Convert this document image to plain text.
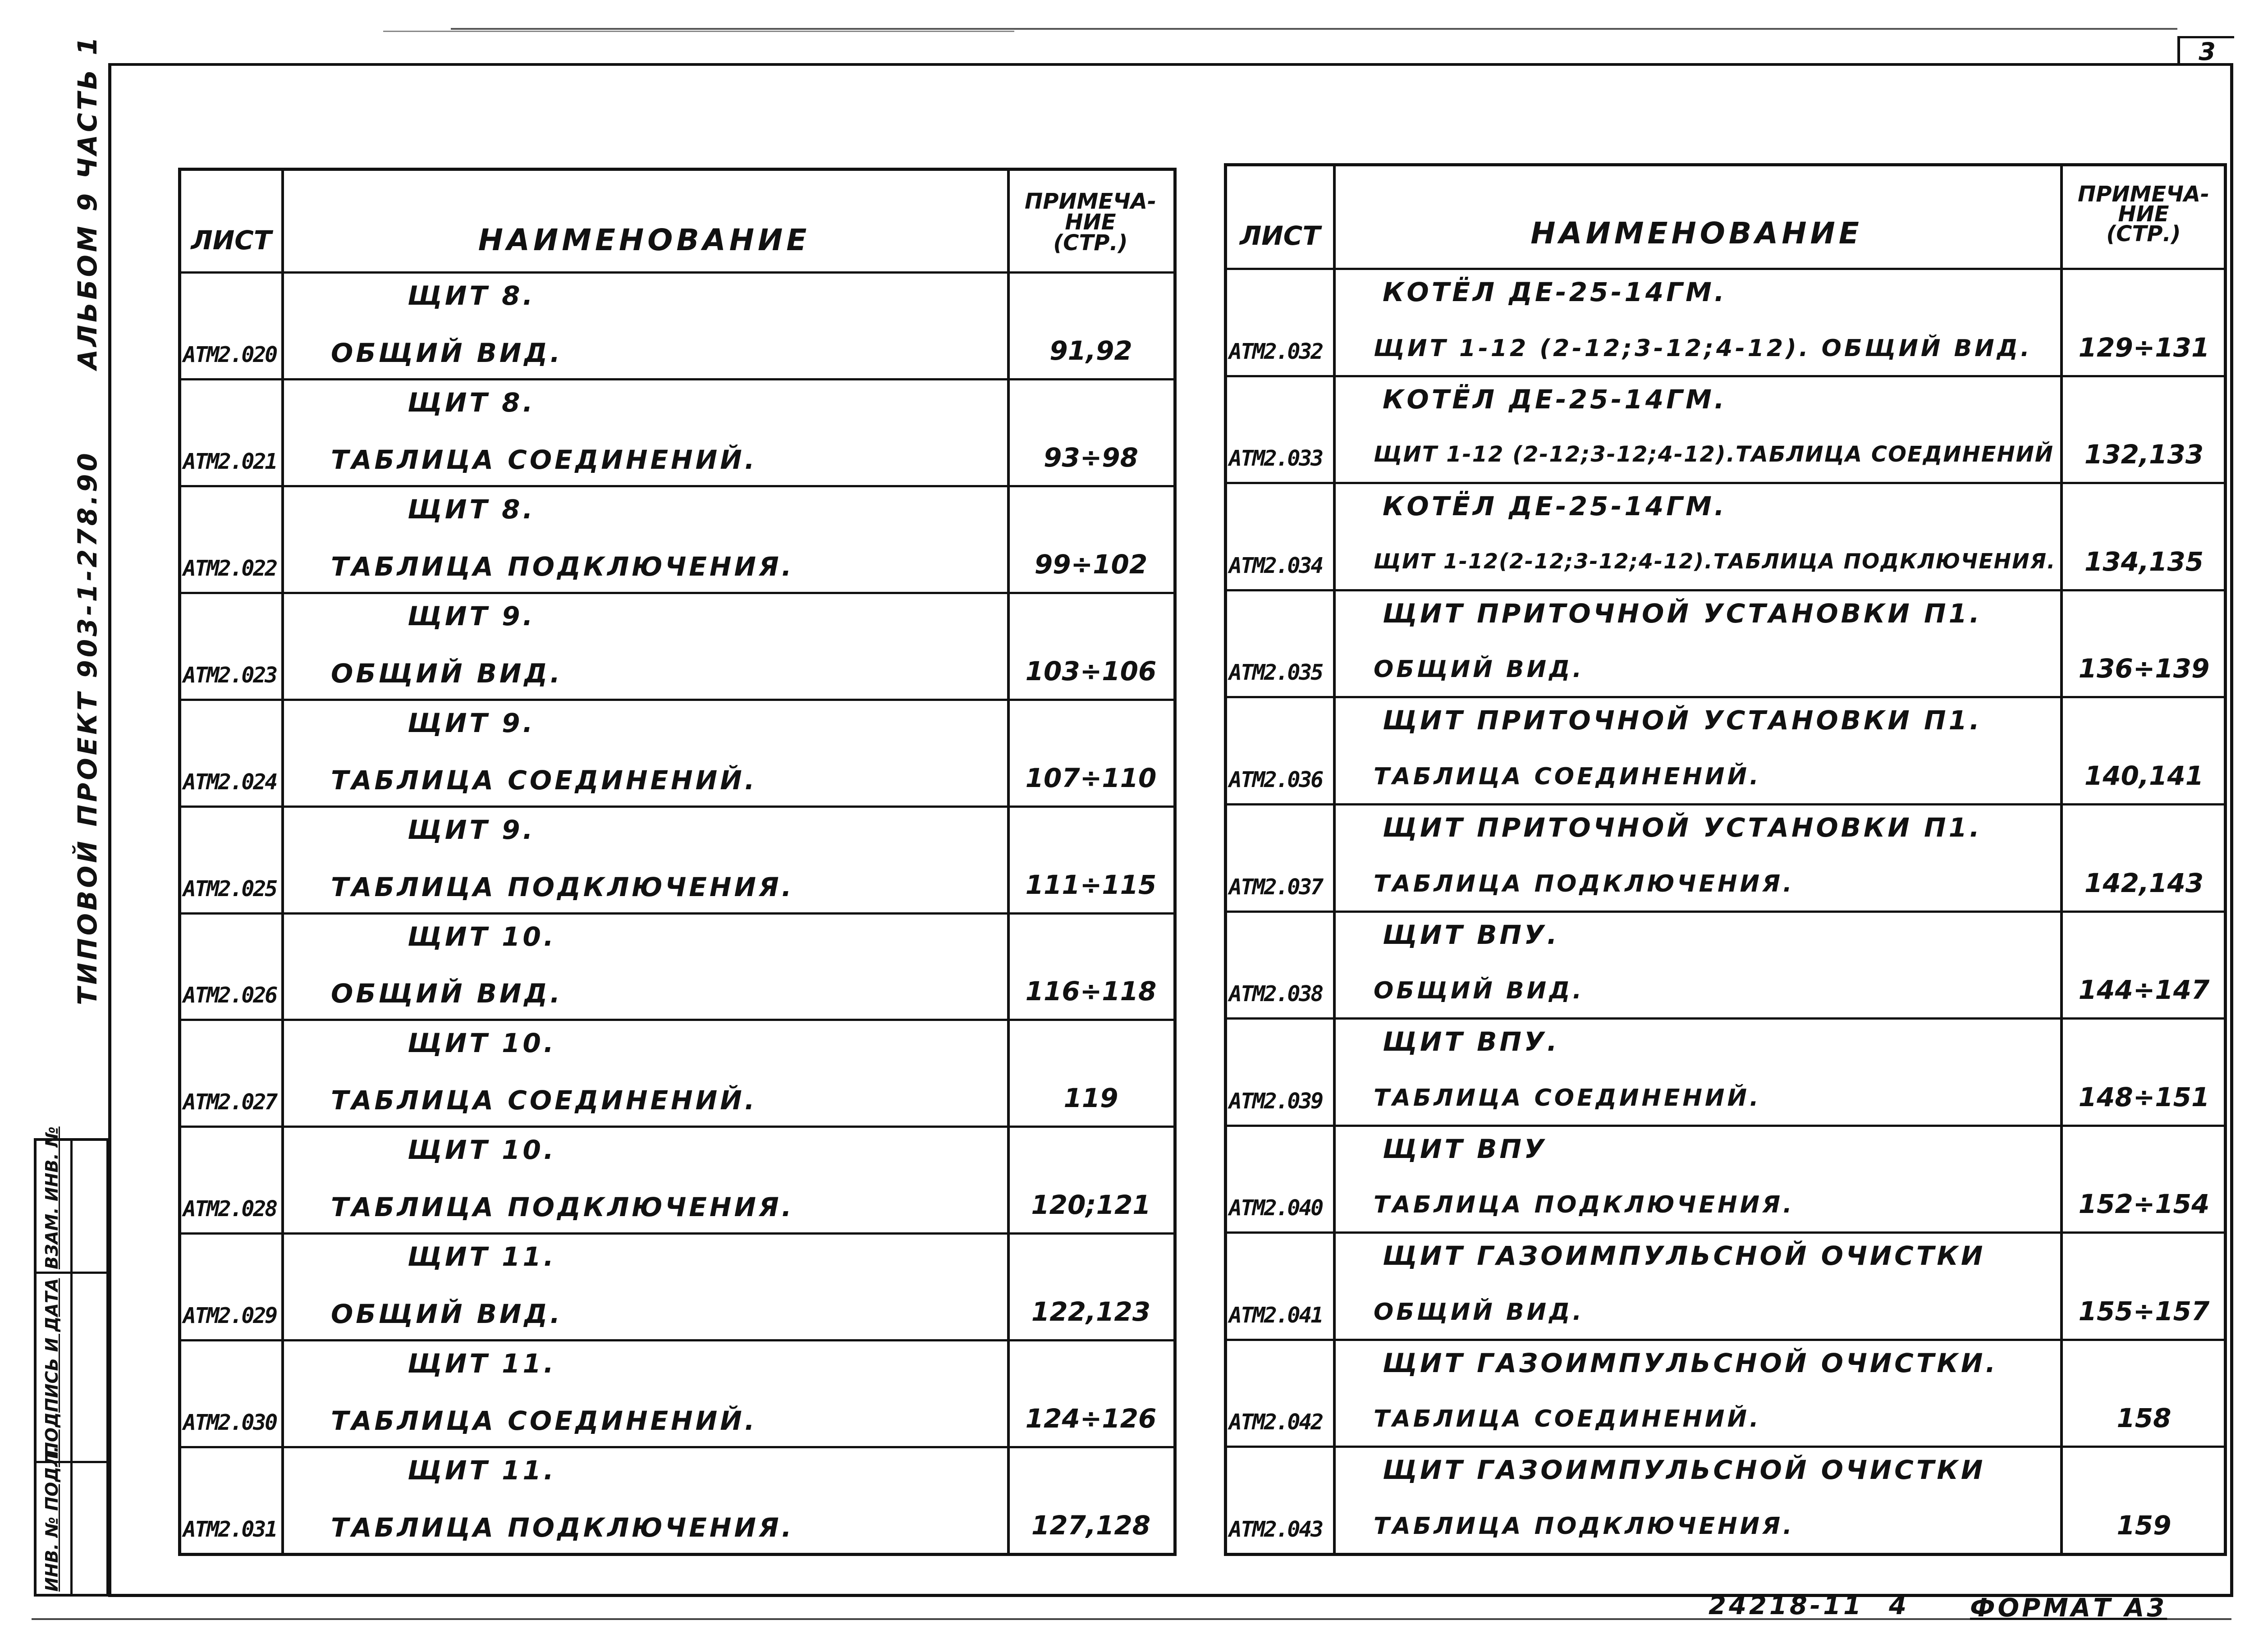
3
АЛЬБОМ 9 ЧАСТЬ 1
ТИПОВОЙ ПРОЕКТ 903-1-278.90
ИНВ. № ПОДЛ.
ПОДПИСЬ И ДАТА
ВЗАМ. ИНВ. №
ЛИСТ	НАИМЕНОВАНИЕ
ПРИМЕЧА-
НИЕ
(СТР.)
АТМ2.020
ЩИТ 8.
ОБЩИЙ ВИД.	91,92
АТМ2.021
ЩИТ 8.
ТАБЛИЦА СОЕДИНЕНИЙ.	93÷98
АТМ2.022
ЩИТ 8.
ТАБЛИЦА ПОДКЛЮЧЕНИЯ.	99÷102
АТМ2.023
ЩИТ 9.
ОБЩИЙ ВИД.	103÷106
АТМ2.024
ЩИТ 9.
ТАБЛИЦА СОЕДИНЕНИЙ.	107÷110
АТМ2.025
ЩИТ 9.
ТАБЛИЦА ПОДКЛЮЧЕНИЯ.	111÷115
АТМ2.026
ЩИТ 10.
ОБЩИЙ ВИД.	116÷118
АТМ2.027
ЩИТ 10.
ТАБЛИЦА СОЕДИНЕНИЙ.	119
АТМ2.028
ЩИТ 10.
ТАБЛИЦА ПОДКЛЮЧЕНИЯ.	120;121
АТМ2.029
ЩИТ 11.
ОБЩИЙ ВИД.	122,123
АТМ2.030
ЩИТ 11.
ТАБЛИЦА СОЕДИНЕНИЙ.	124÷126
АТМ2.031
ЩИТ 11.
ТАБЛИЦА ПОДКЛЮЧЕНИЯ.	127,128
ЛИСТ	НАИМЕНОВАНИЕ
ПРИМЕЧА-
НИЕ
(СТР.)
АТМ2.032
КОТЁЛ ДЕ-25-14ГМ.
ЩИТ 1-12 (2-12;3-12;4-12). ОБЩИЙ ВИД.	129÷131
АТМ2.033
КОТЁЛ ДЕ-25-14ГМ.
ЩИТ 1-12 (2-12;3-12;4-12).ТАБЛИЦА СОЕДИНЕНИЙ	132,133
АТМ2.034
КОТЁЛ ДЕ-25-14ГМ.
ЩИТ 1-12(2-12;3-12;4-12).ТАБЛИЦА ПОДКЛЮЧЕНИЯ.	134,135
АТМ2.035
ЩИТ ПРИТОЧНОЙ УСТАНОВКИ П1.
ОБЩИЙ ВИД.	136÷139
АТМ2.036
ЩИТ ПРИТОЧНОЙ УСТАНОВКИ П1.
ТАБЛИЦА СОЕДИНЕНИЙ.	140,141
АТМ2.037
ЩИТ ПРИТОЧНОЙ УСТАНОВКИ П1.
ТАБЛИЦА ПОДКЛЮЧЕНИЯ.	142,143
АТМ2.038
ЩИТ ВПУ.
ОБЩИЙ ВИД.	144÷147
АТМ2.039
ЩИТ ВПУ.
ТАБЛИЦА СОЕДИНЕНИЙ.	148÷151
АТМ2.040
ЩИТ ВПУ
ТАБЛИЦА ПОДКЛЮЧЕНИЯ.	152÷154
АТМ2.041
ЩИТ ГАЗОИМПУЛЬСНОЙ ОЧИСТКИ
ОБЩИЙ ВИД.	155÷157
АТМ2.042
ЩИТ ГАЗОИМПУЛЬСНОЙ ОЧИСТКИ.
ТАБЛИЦА СОЕДИНЕНИЙ.	158
АТМ2.043
ЩИТ ГАЗОИМПУЛЬСНОЙ ОЧИСТКИ
ТАБЛИЦА ПОДКЛЮЧЕНИЯ.	159
24218-11 4	ФОРМАТ А3
